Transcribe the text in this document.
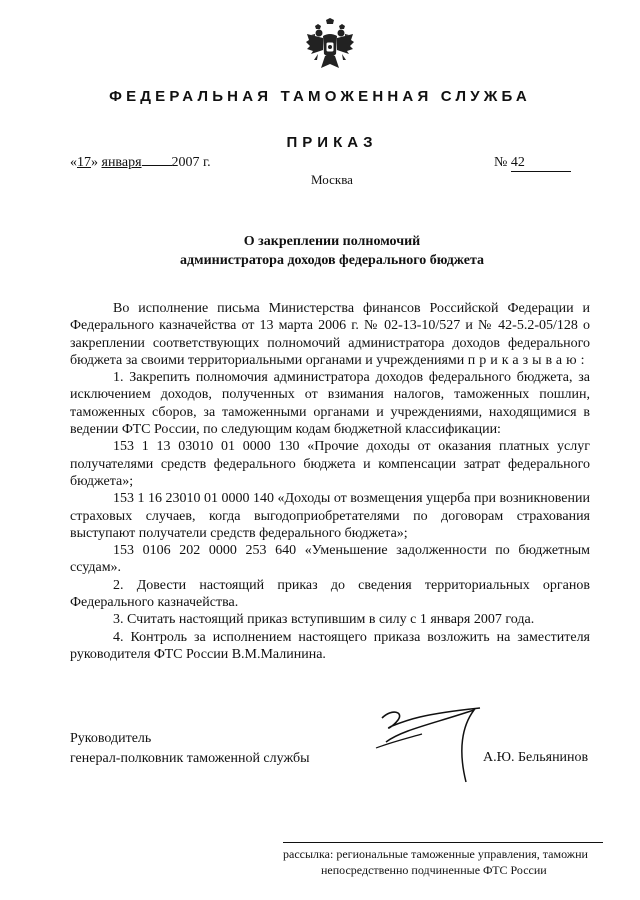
ФЕДЕРАЛЬНАЯ ТАМОЖЕННАЯ СЛУЖБА
ПРИКАЗ
«17» января 2007 г.	№ 42
Москва
О закреплении полномочий
администратора доходов федерального бюджета

Во исполнение письма Министерства финансов Российской Федерации и Федерального казначейства от 13 марта 2006 г. № 02-13-10/527 и № 42-5.2-05/128 о закреплении соответствующих полномочий администратора доходов федерального бюджета за своими территориальными органами и учреждениями приказываю:

1. Закрепить полномочия администратора доходов федерального бюджета, за исключением доходов, полученных от взимания налогов, таможенных пошлин, таможенных сборов, за таможенными органами и учреждениями, находящимися в ведении ФТС России, по следующим кодам бюджетной классификации:

153 1 13 03010 01 0000 130 «Прочие доходы от оказания платных услуг получателями средств федерального бюджета и компенсации затрат федерального бюджета»;

153 1 16 23010 01 0000 140 «Доходы от возмещения ущерба при возникновении страховых случаев, когда выгодоприобретателями по договорам страхования выступают получатели средств федерального бюджета»;

153 0106 202 0000 253 640 «Уменьшение задолженности по бюджетным ссудам».

2. Довести настоящий приказ до сведения территориальных органов Федерального казначейства.

3. Считать настоящий приказ вступившим в силу с 1 января 2007 года.

4. Контроль за исполнением настоящего приказа возложить на заместителя руководителя ФТС России В.М.Малинина.

Руководитель
генерал-полковник таможенной службы	А.Ю. Бельянинов
рассылка: региональные таможенные управления, таможни
непосредственно подчиненные ФТС России
